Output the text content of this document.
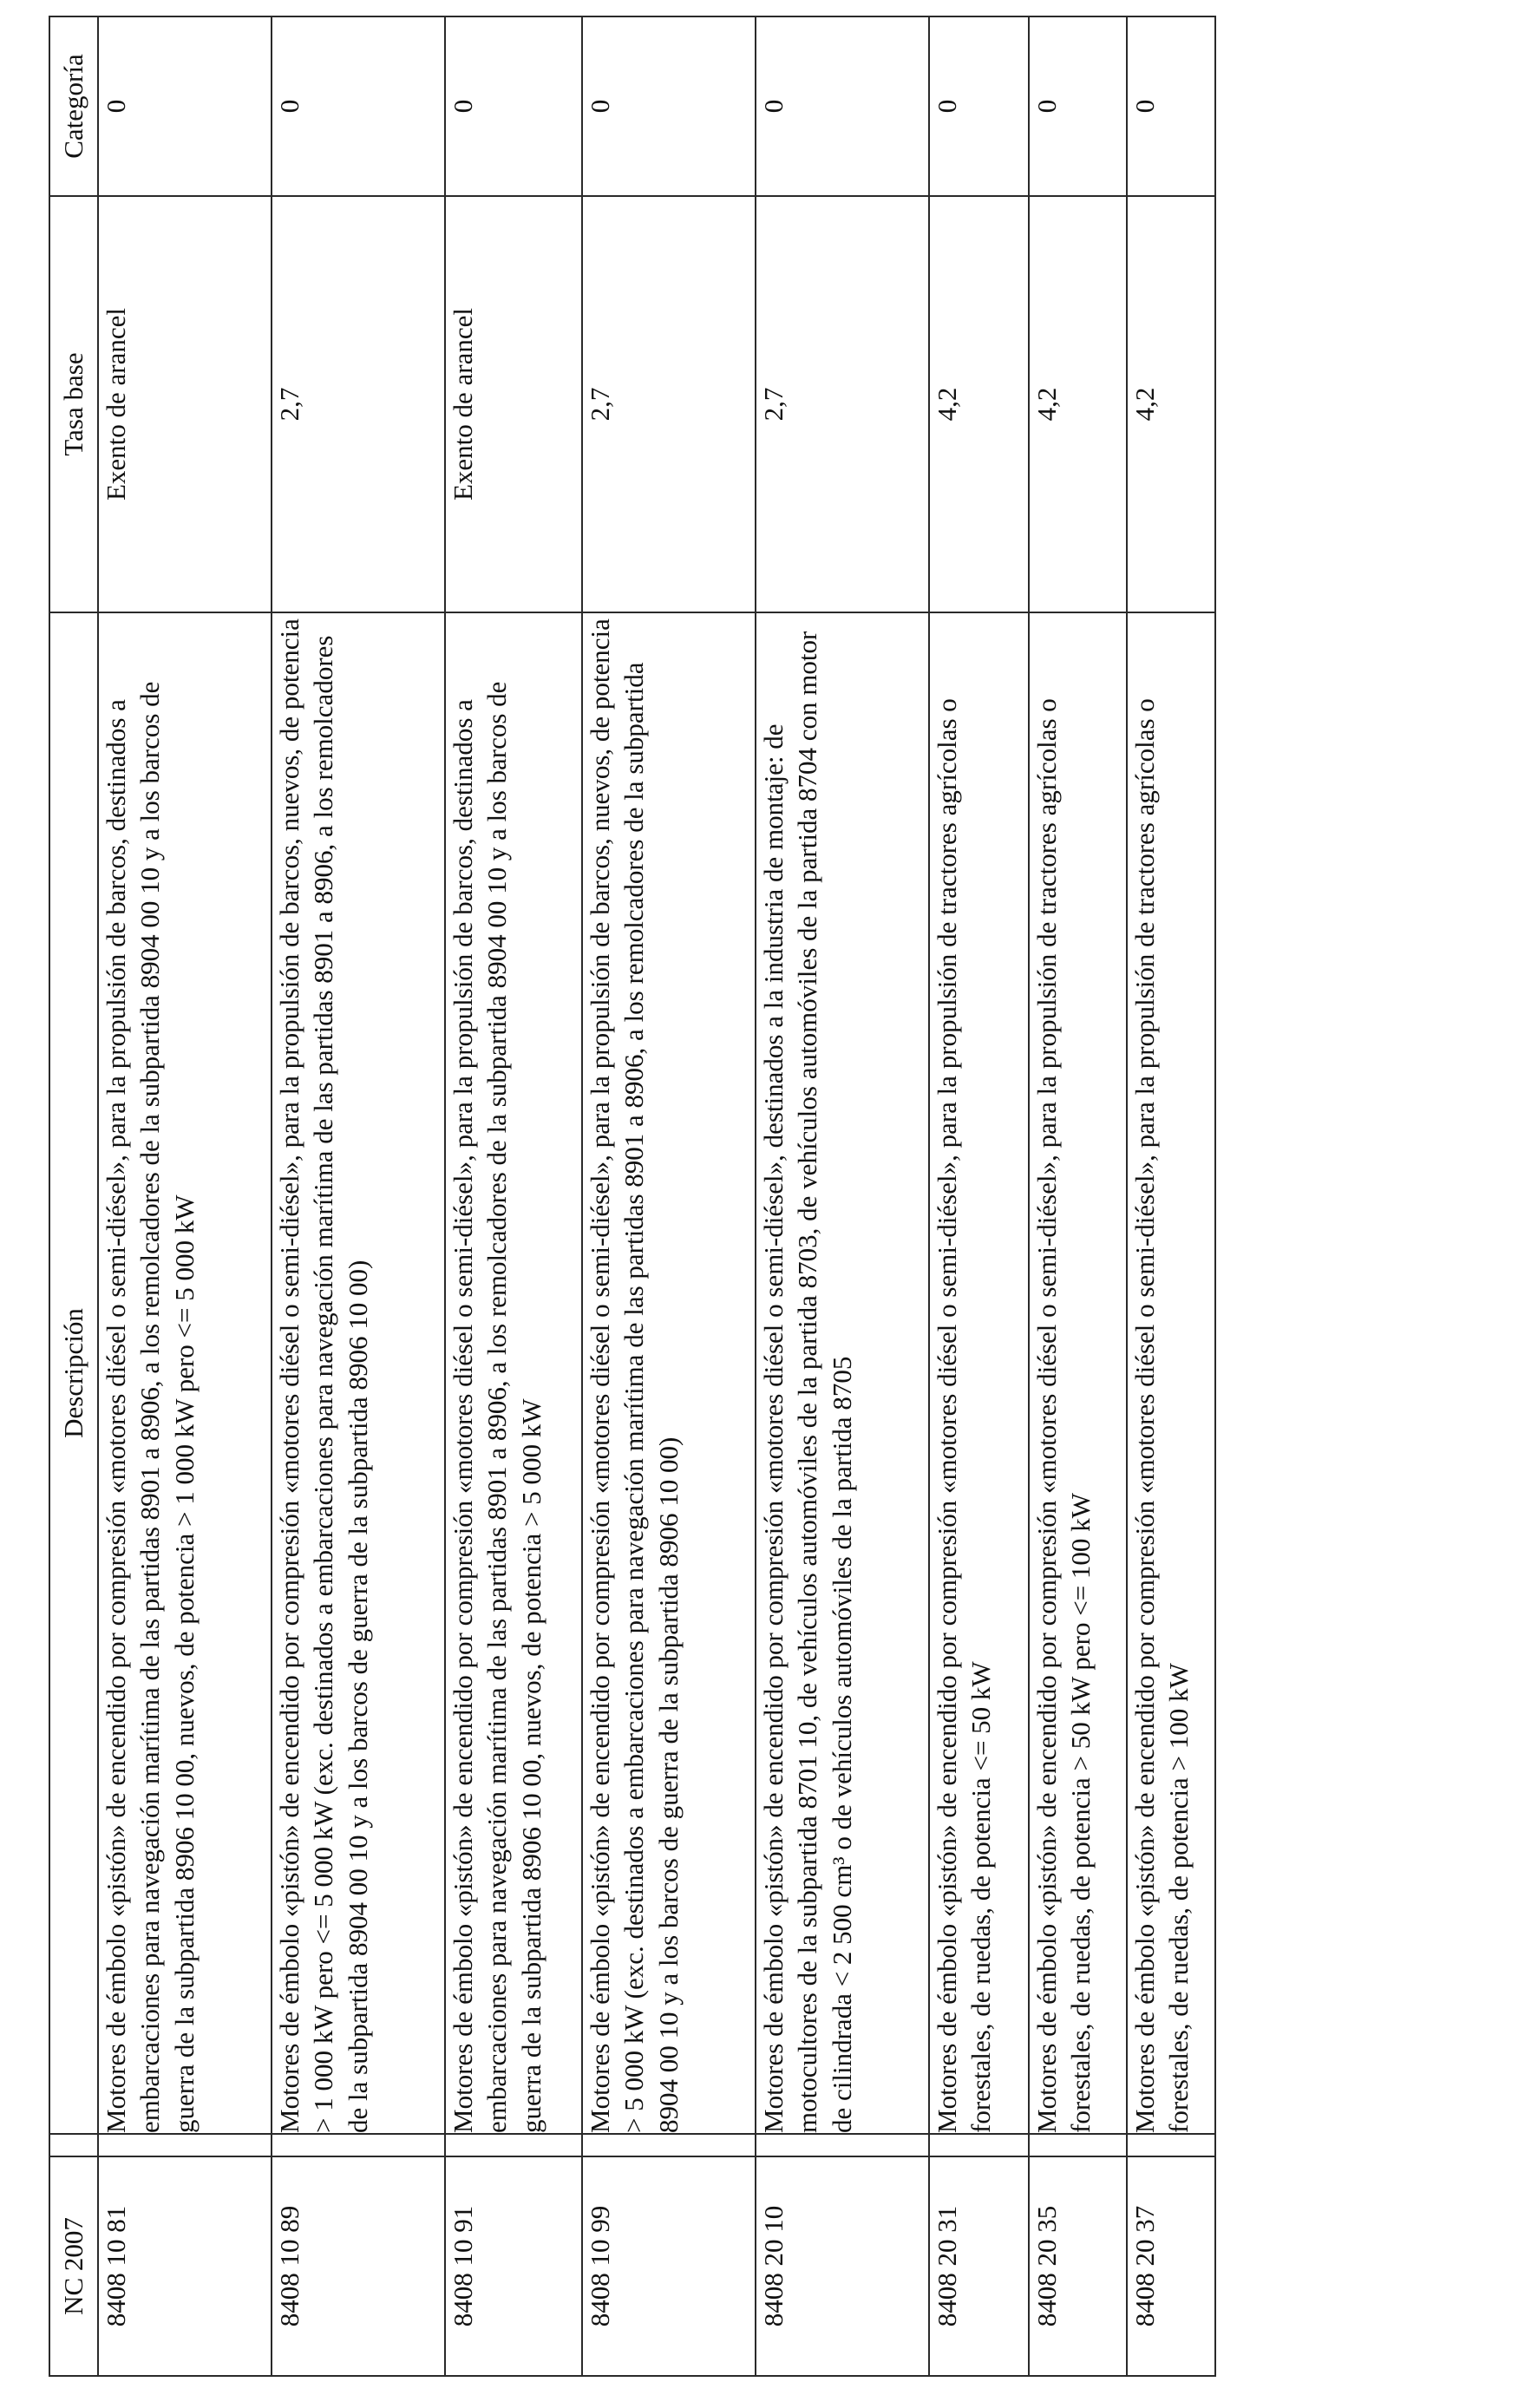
NC 2007		Descripción	Tasa base	Categoría
8408 10 81		Motores de émbolo «pistón» de encendido por compresión «motores diésel o semi-diésel», para la propulsión de barcos, destinados a embarcaciones para navegación marítima de las partidas 8901 a 8906, a los remolcadores de la subpartida 8904 00 10 y a los barcos de guerra de la subpartida 8906 10 00, nuevos, de potencia > 1 000 kW pero <= 5 000 kW	Exento de arancel	0
8408 10 89		Motores de émbolo «pistón» de encendido por compresión «motores diésel o semi-diésel», para la propulsión de barcos, nuevos, de potencia > 1 000 kW pero <= 5 000 kW (exc. destinados a embarcaciones para navegación marítima de las partidas 8901 a 8906, a los remolcadores de la subpartida 8904 00 10 y a los barcos de guerra de la subpartida 8906 10 00)	2,7	0
8408 10 91		Motores de émbolo «pistón» de encendido por compresión «motores diésel o semi-diésel», para la propulsión de barcos, destinados a embarcaciones para navegación marítima de las partidas 8901 a 8906, a los remolcadores de la subpartida 8904 00 10 y a los barcos de guerra de la subpartida 8906 10 00, nuevos, de potencia > 5 000 kW	Exento de arancel	0
8408 10 99		Motores de émbolo «pistón» de encendido por compresión «motores diésel o semi-diésel», para la propulsión de barcos, nuevos, de potencia > 5 000 kW (exc. destinados a embarcaciones para navegación marítima de las partidas 8901 a 8906, a los remolcadores de la subpartida 8904 00 10 y a los barcos de guerra de la subpartida 8906 10 00)	2,7	0
8408 20 10		Motores de émbolo «pistón» de encendido por compresión «motores diésel o semi-diésel», destinados a la industria de montaje: de motocultores de la subpartida 8701 10, de vehículos automóviles de la partida 8703, de vehículos automóviles de la partida 8704 con motor de cilindrada < 2 500 cm³ o de vehículos automóviles de la partida 8705	2,7	0
8408 20 31		Motores de émbolo «pistón» de encendido por compresión «motores diésel o semi-diésel», para la propulsión de tractores agrícolas o forestales, de ruedas, de potencia <= 50 kW	4,2	0
8408 20 35		Motores de émbolo «pistón» de encendido por compresión «motores diésel o semi-diésel», para la propulsión de tractores agrícolas o forestales, de ruedas, de potencia > 50 kW pero <= 100 kW	4,2	0
8408 20 37		Motores de émbolo «pistón» de encendido por compresión «motores diésel o semi-diésel», para la propulsión de tractores agrícolas o forestales, de ruedas, de potencia > 100 kW	4,2	0
